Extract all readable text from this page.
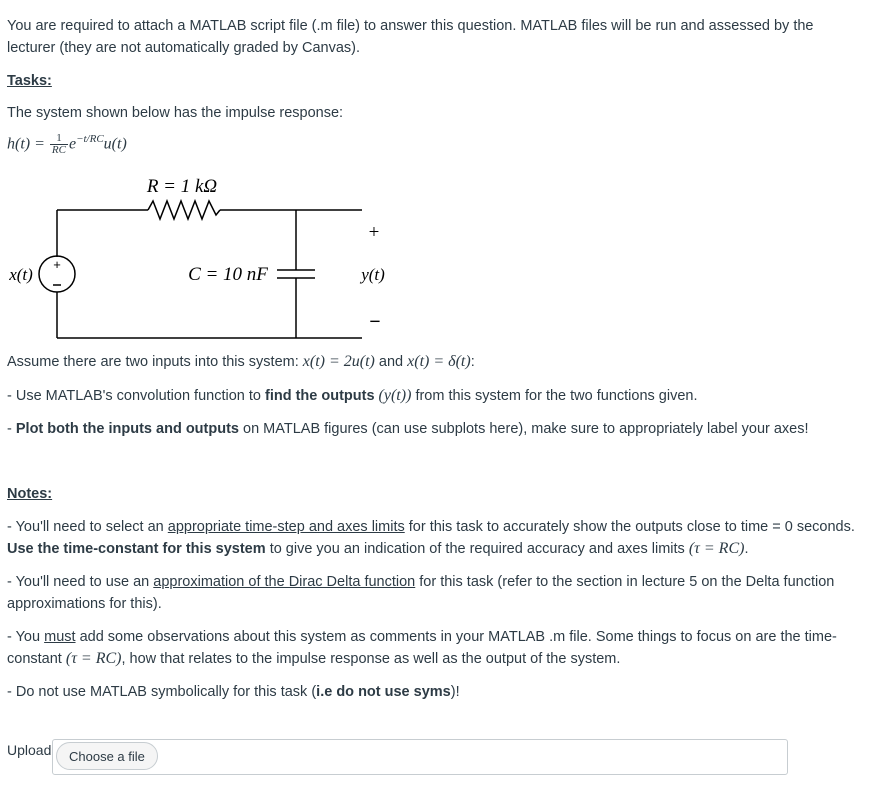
You are required to attach a MATLAB script file (.m file) to answer this question. MATLAB files will be run and assessed by the lecturer (they are not automatically graded by Canvas).

Tasks:

The system shown below has the impulse response:

$h(t) = \frac{1}{RC} e^{-t/RC}u(t)$
+
R = 1 kΩ
C = 10 nF
x(t)	y(t)
+
−

Assume there are two inputs into this system: x(t) = 2u(t) and x(t) = δ(t):

- Use MATLAB's convolution function to find the outputs (y(t)) from this system for the two functions given.

- Plot both the inputs and outputs on MATLAB figures (can use subplots here), make sure to appropriately label your axes!

Notes:

- You'll need to select an appropriate time-step and axes limits for this task to accurately show the outputs close to time = 0 seconds. Use the time-constant for this system to give you an indication of the required accuracy and axes limits (τ = RC).

- You'll need to use an approximation of the Dirac Delta function for this task (refer to the section in lecture 5 on the Delta function approximations for this).

- You must add some observations about this system as comments in your MATLAB .m file. Some things to focus on are the time-constant (τ = RC), how that relates to the impulse response as well as the output of the system.

- Do not use MATLAB symbolically for this task (i.e do not use syms)!

Upload	Choose a file
